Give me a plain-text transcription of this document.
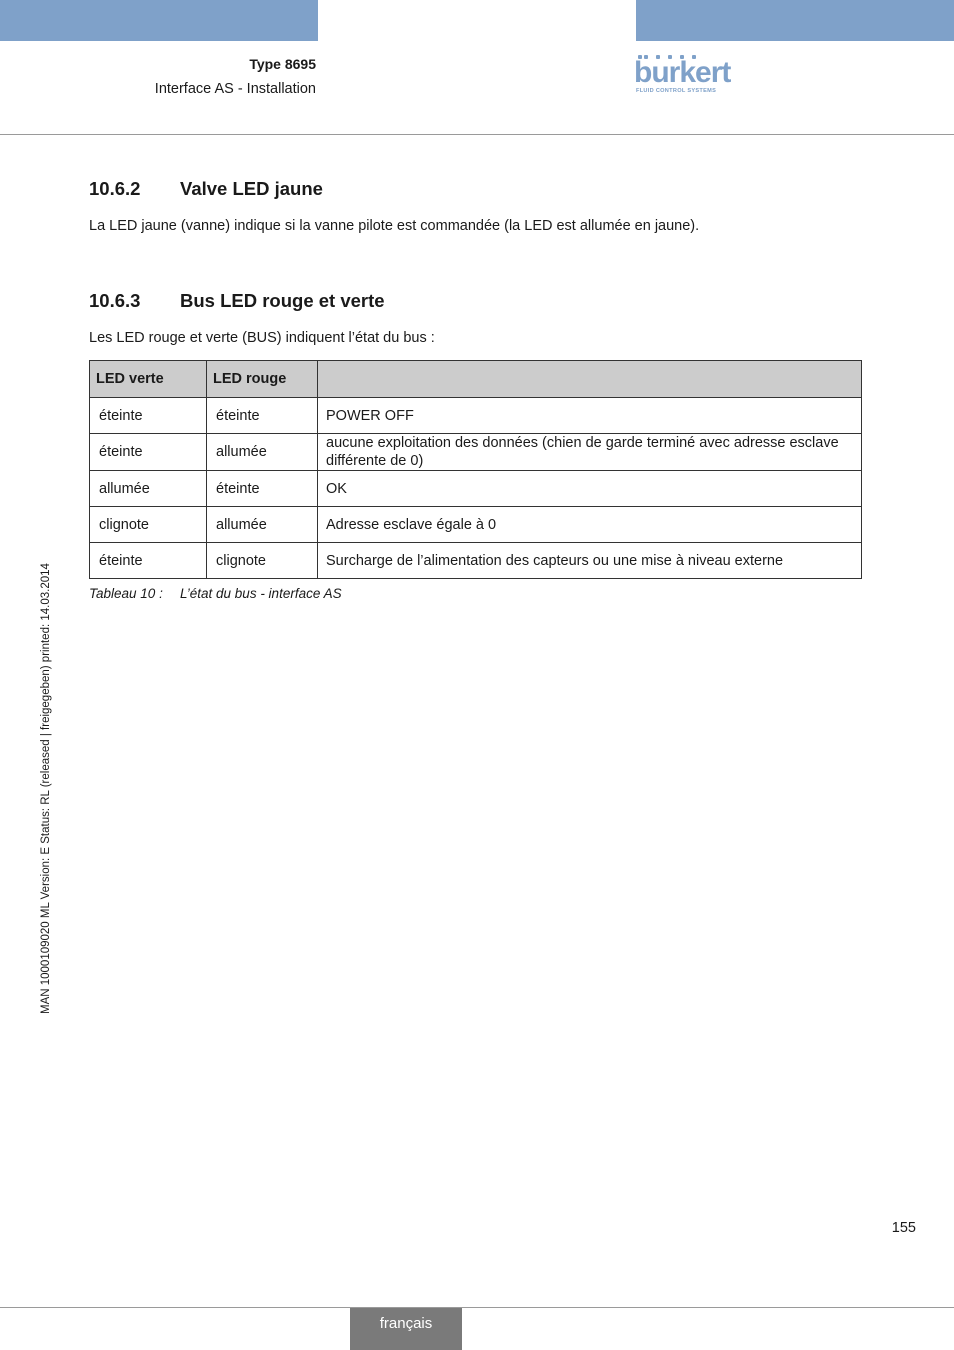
Type 8695
Interface AS - Installation	burkert
FLUID CONTROL SYSTEMS
10.6.2 Valve LED jaune

La LED jaune (vanne) indique si la vanne pilote est commandée (la LED est allumée en jaune).

10.6.3 Bus LED rouge et verte

Les LED rouge et verte (BUS) indiquent l’état du bus :

LED verte	LED rouge	
éteinte	éteinte	POWER OFF
éteinte	allumée	aucune exploitation des données (chien de garde terminé avec adresse esclave différente de 0)
allumée	éteinte	OK
clignote	allumée	Adresse esclave égale à 0
éteinte	clignote	Surcharge de l’alimentation des capteurs ou une mise à niveau externe
Tableau 10 : L’état du bus - interface AS
MAN 1000109020 ML Version: E Status: RL (released | freigegeben) printed: 14.03.2014
155
français
